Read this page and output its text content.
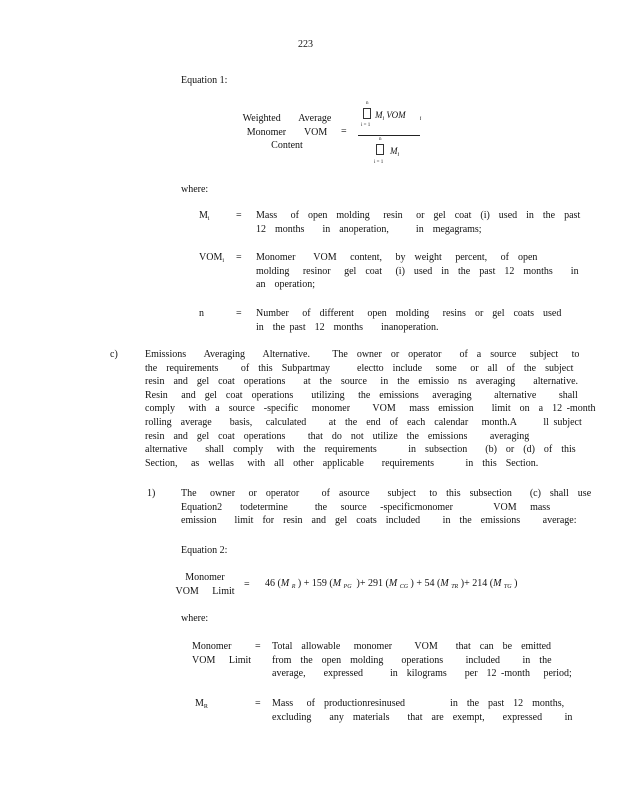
223
Equation 1:
Weighted    Average
Monomer    VOM
Content
=
n
i = 1
$M_i$ VOM $_i$
n
i = 1
$M_i$
where:
$M_i$	= Mass   of  open  molding   resin   or  gel  coat  (i)  used  in  the  past
12  months    in  anoperation,      in  megagrams;
$VOM_i$ = Monomer    VOM   content,   by  weight   percent,   of  open
molding   resinor   gel  coat   (i)  used  in  the  past  12  months    in
an  operation;
n	= Number   of  different   open  molding   resins  or  gel  coats  used
in  the past  12  months    inanoperation.
c)	Emissions    Averaging    Alternative.     The  owner  or  operator    of  a  source   subject   to
the  requirements     of  this  Subpartmay      electto  include   some   or  all  of  the  subject
resin  and  gel  coat  operations    at  the  source   in  the  emissio  ns  averaging    alternative.
Resin   and  gel  coat  operations    utilizing   the  emissions   averaging     alternative     shall
comply   with  a  source  -specific   monomer     VOM   mass  emission    limit  on  a  12 -month
rolling  average    basis,   calculated     at  the  end  of  each  calendar   month.A      ll subject
resin  and  gel  coat  operations     that  do  not  utilize  the  emissions     averaging
alternative    shall  comply   with  the  requirements       in  subsection    (b)  or  (d)  of  this
Section,   as  wellas   with  all  other  applicable    requirements       in  this  Section.
1)	The   owner   or  operator     of  asource    subject   to  this  subsection    (c)  shall  use
Equation2    todetermine      the   source   -specificmonomer         VOM   mass
emission    limit  for  resin  and  gel  coats  included     in  the  emissions     average:
Equation 2:
Monomer
VOM   Limit
= 46 (M $_R$ ) + 159 (M $_{PG}$  )+ 291 (M $_{CG}$ ) + 54 (M $_{TR}$ )+ 214 (M $_{TG}$ )
where:
Monomer
VOM   Limit
= Total  allowable   monomer     VOM    that  can  be  emitted
from  the  open  molding    operations     included     in  the
average,    expressed      in  kilograms    per  12 -month   period;
$M_R$	= Mass   of  productionresinused          in  the  past  12  months,
excluding    any  materials    that  are  exempt,    expressed     in
